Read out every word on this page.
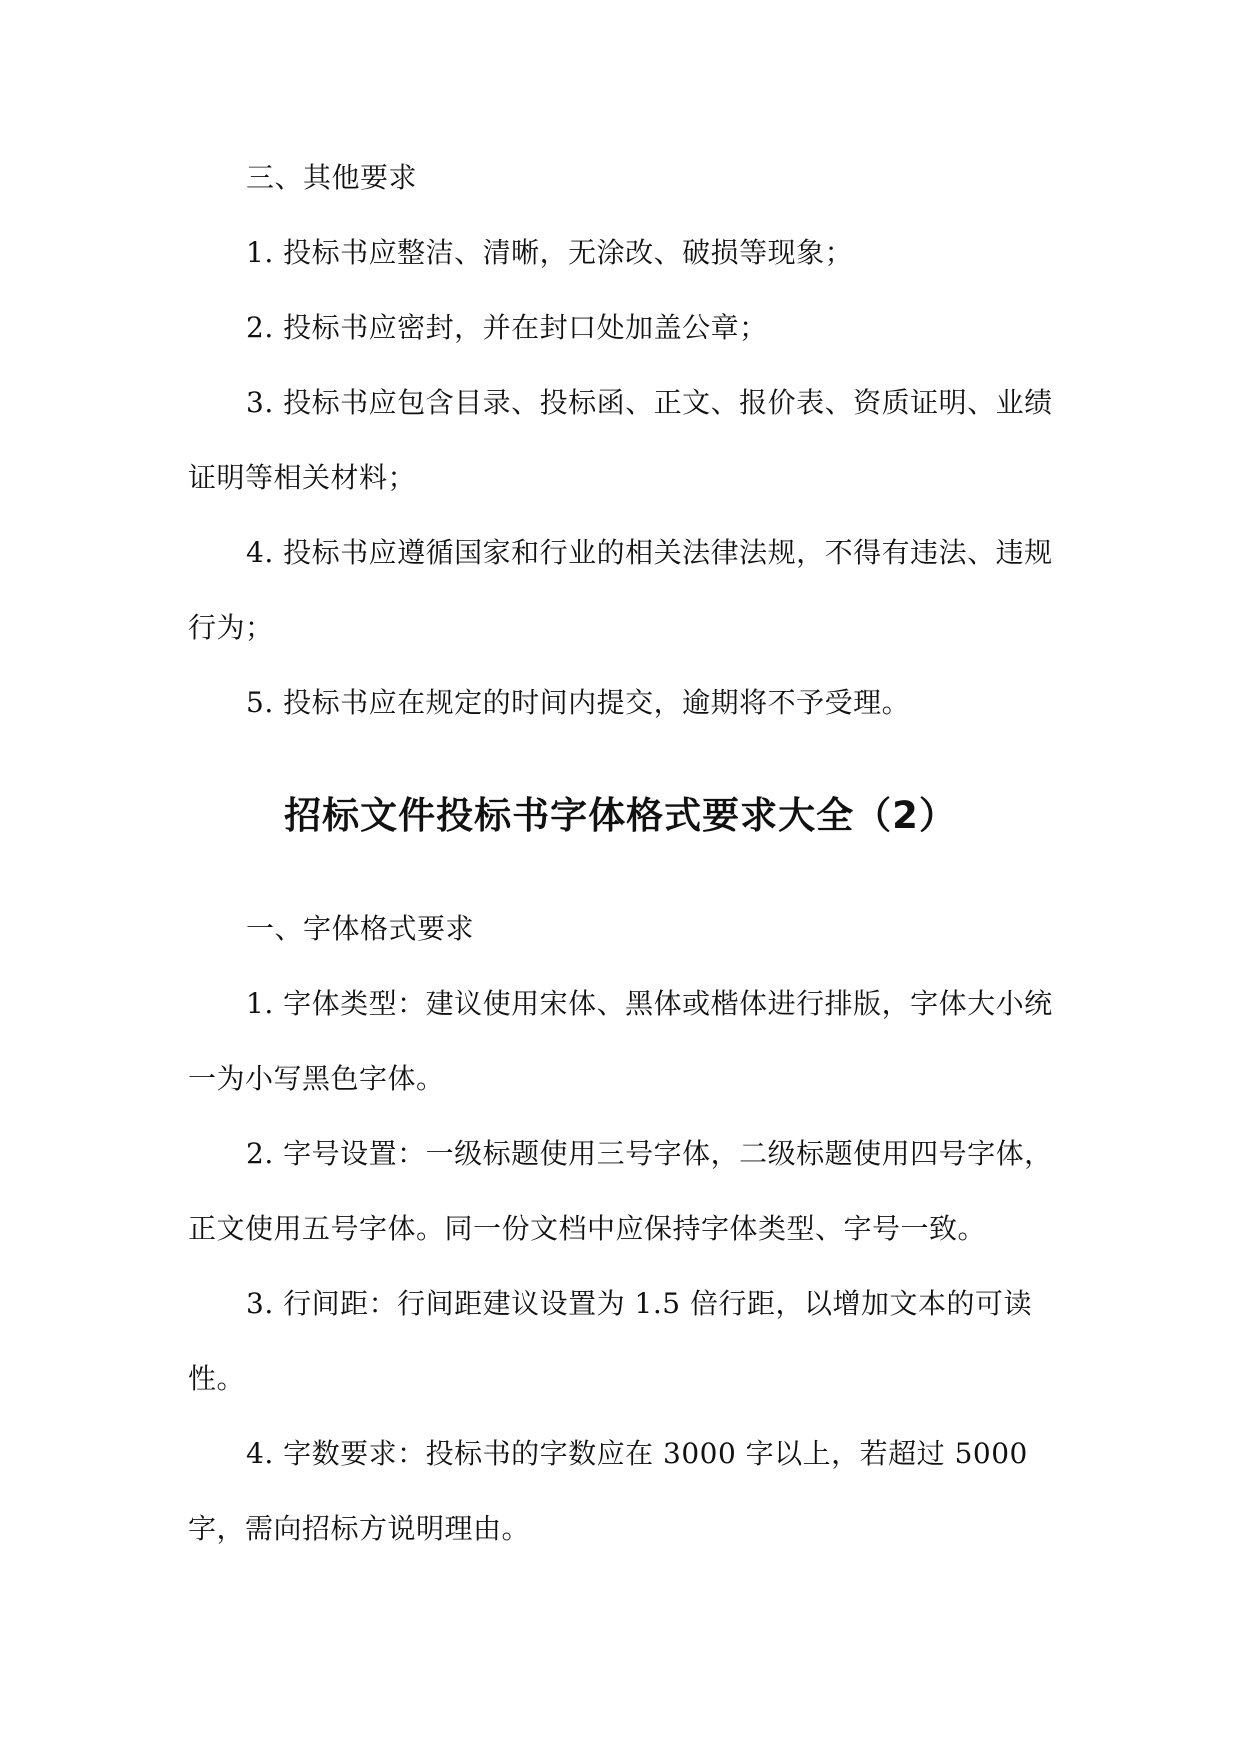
三、其他要求

1. 投标书应整洁、清晰，无涂改、破损等现象；

2. 投标书应密封，并在封口处加盖公章；

3. 投标书应包含目录、投标函、正文、报价表、资质证明、业绩证明等相关材料；

4. 投标书应遵循国家和行业的相关法律法规，不得有违法、违规行为；

5. 投标书应在规定的时间内提交，逾期将不予受理。

招标文件投标书字体格式要求大全（2）

一、字体格式要求

1. 字体类型：建议使用宋体、黑体或楷体进行排版，字体大小统一为小写黑色字体。

2. 字号设置：一级标题使用三号字体，二级标题使用四号字体，正文使用五号字体。同一份文档中应保持字体类型、字号一致。

3. 行间距：行间距建议设置为 1.5 倍行距，以增加文本的可读性。

4. 字数要求：投标书的字数应在 3000 字以上，若超过 5000 字，需向招标方说明理由。
